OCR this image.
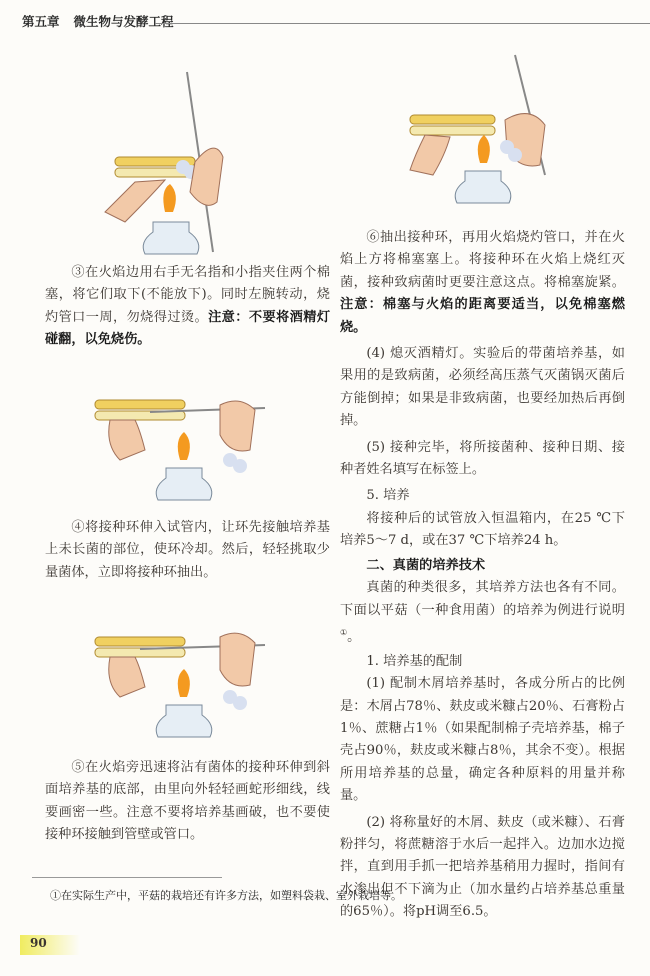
第五章 微生物与发酵工程

③在火焰边用右手无名指和小指夹住两个棉塞，将它们取下(不能放下)。同时左腕转动，烧灼管口一周，勿烧得过烫。注意：不要将酒精灯碰翻，以免烧伤。

④将接种环伸入试管内，让环先接触培养基上未长菌的部位，使环冷却。然后，轻轻挑取少量菌体，立即将接种环抽出。

⑤在火焰旁迅速将沾有菌体的接种环伸到斜面培养基的底部，由里向外轻轻画蛇形细线，线要画密一些。注意不要将培养基画破，也不要使接种环接触到管壁或管口。

⑥抽出接种环，再用火焰烧灼管口，并在火焰上方将棉塞塞上。将接种环在火焰上烧红灭菌，接种致病菌时更要注意这点。将棉塞旋紧。注意：棉塞与火焰的距离要适当，以免棉塞燃烧。

(4) 熄灭酒精灯。实验后的带菌培养基，如果用的是致病菌，必须经高压蒸气灭菌锅灭菌后方能倒掉；如果是非致病菌，也要经加热后再倒掉。

(5) 接种完毕，将所接菌种、接种日期、接种者姓名填写在标签上。

5. 培养

将接种后的试管放入恒温箱内，在25 ℃下培养5～7 d，或在37 ℃下培养24 h。

二、真菌的培养技术

真菌的种类很多，其培养方法也各有不同。下面以平菇（一种食用菌）的培养为例进行说明①。

1. 培养基的配制

(1) 配制木屑培养基时，各成分所占的比例是：木屑占78％、麸皮或米糠占20％、石膏粉占1％、蔗糖占1％（如果配制棉子壳培养基，棉子壳占90％，麸皮或米糠占8％，其余不变）。根据所用培养基的总量，确定各种原料的用量并称量。

(2) 将称量好的木屑、麸皮（或米糠）、石膏粉拌匀，将蔗糖溶于水后一起拌入。边加水边搅拌，直到用手抓一把培养基稍用力握时，指间有水渗出但不下滴为止（加水量约占培养基总重量的65％）。将pH调至6.5。

①在实际生产中，平菇的栽培还有许多方法，如塑料袋栽、室外栽培等。
90
